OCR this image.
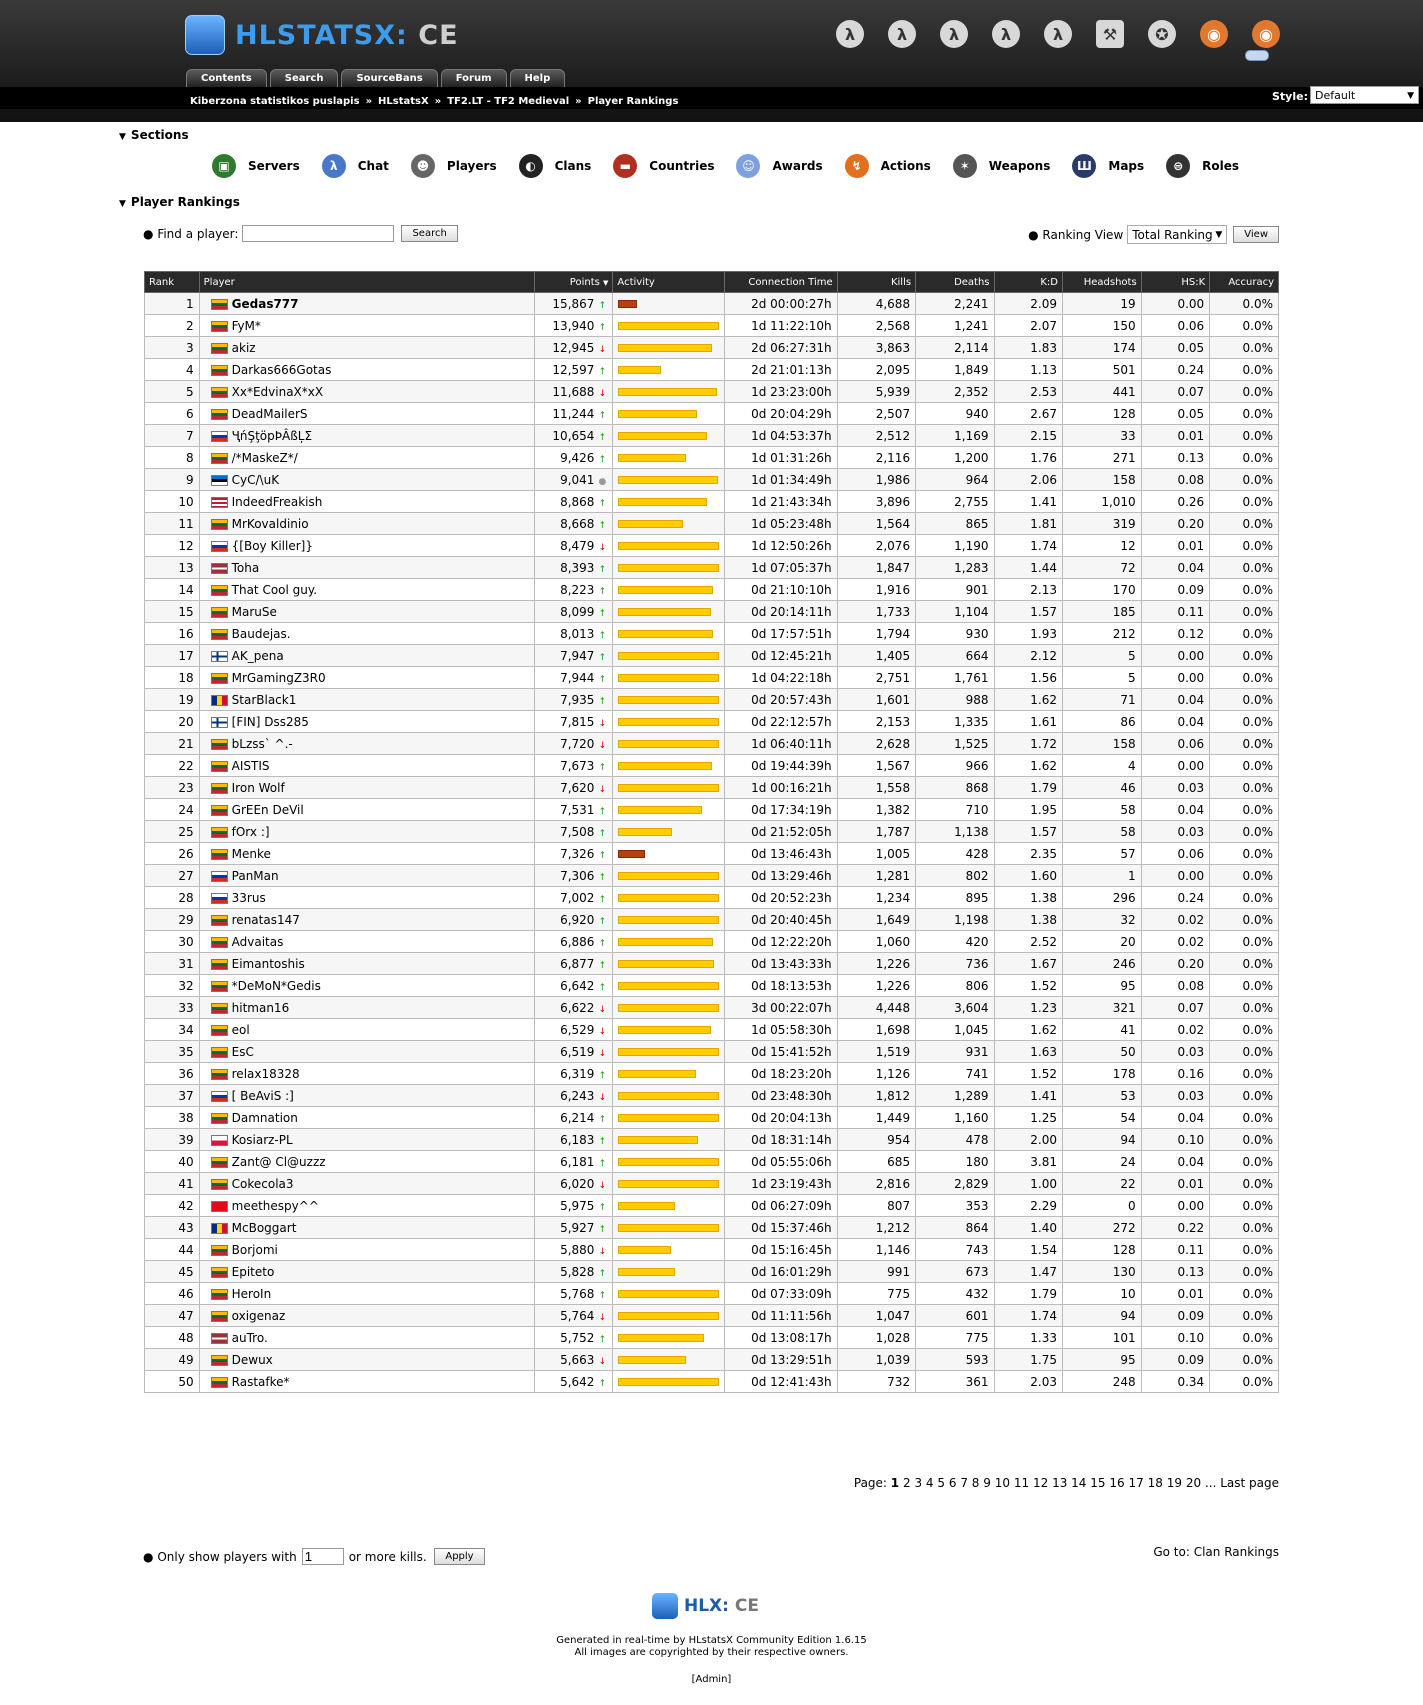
HLSTATSX: CE	λ	λ	λ	λ	λ	⚒	✪	◉	◉
Contents	Search	SourceBans	Forum	Help
Kiberzona statistikos puslapis » HLstatsX » TF2.LT - TF2 Medieval » Player Rankings	Style: Default	▼
▼ Sections
▣	Servers	λ	Chat	☻	Players	◐	Clans	▬	Countries	☺	Awards	↯	Actions	✶	Weapons	Ш	Maps	⊜	Roles
▼ Player Rankings
●
Find a player:	Search	●
Ranking View Total Ranking ▼	View
Rank	Player	Points ▼	Activity	Connection Time	Kills	Deaths	K:D	Headshots	HS:K	Accuracy
1	Gedas777	15,867 ↑		2d 00:00:27h	4,688	2,241	2.09	19	0.00	0.0%
2	FyM*	13,940 ↑		1d 11:22:10h	2,568	1,241	2.07	150	0.06	0.0%
3	akiz	12,945 ↓		2d 06:27:31h	3,863	2,114	1.83	174	0.05	0.0%
4	Darkas666Gotas	12,597 ↑		2d 21:01:13h	2,095	1,849	1.13	501	0.24	0.0%
5	Xx*EdvinaX*xX	11,688 ↓		1d 23:23:00h	5,939	2,352	2.53	441	0.07	0.0%
6	DeadMailerS	11,244 ↑		0d 20:04:29h	2,507	940	2.67	128	0.05	0.0%
7	ҶńŞţöpÞÂßĻΣ	10,654 ↑		1d 04:53:37h	2,512	1,169	2.15	33	0.01	0.0%
8	/*MaskeZ*/	9,426 ↑		1d 01:31:26h	2,116	1,200	1.76	271	0.13	0.0%
9	CyC/\uK	9,041 ●		1d 01:34:49h	1,986	964	2.06	158	0.08	0.0%
10	IndeedFreakish	8,868 ↑		1d 21:43:34h	3,896	2,755	1.41	1,010	0.26	0.0%
11	MrKovaldinio	8,668 ↑		1d 05:23:48h	1,564	865	1.81	319	0.20	0.0%
12	{[Boy Killer]}	8,479 ↓		1d 12:50:26h	2,076	1,190	1.74	12	0.01	0.0%
13	Toha	8,393 ↑		1d 07:05:37h	1,847	1,283	1.44	72	0.04	0.0%
14	That Cool guy.	8,223 ↑		0d 21:10:10h	1,916	901	2.13	170	0.09	0.0%
15	MaruSe	8,099 ↑		0d 20:14:11h	1,733	1,104	1.57	185	0.11	0.0%
16	Baudejas.	8,013 ↑		0d 17:57:51h	1,794	930	1.93	212	0.12	0.0%
17	AK_pena	7,947 ↑		0d 12:45:21h	1,405	664	2.12	5	0.00	0.0%
18	MrGamingZ3R0	7,944 ↑		1d 04:22:18h	2,751	1,761	1.56	5	0.00	0.0%
19	StarBlack1	7,935 ↑		0d 20:57:43h	1,601	988	1.62	71	0.04	0.0%
20	[FIN] Dss285	7,815 ↓		0d 22:12:57h	2,153	1,335	1.61	86	0.04	0.0%
21	bLzss` ^.-	7,720 ↓		1d 06:40:11h	2,628	1,525	1.72	158	0.06	0.0%
22	AISTIS	7,673 ↑		0d 19:44:39h	1,567	966	1.62	4	0.00	0.0%
23	Iron Wolf	7,620 ↓		1d 00:16:21h	1,558	868	1.79	46	0.03	0.0%
24	GrEEn DeVil	7,531 ↑		0d 17:34:19h	1,382	710	1.95	58	0.04	0.0%
25	fOrx :]	7,508 ↑		0d 21:52:05h	1,787	1,138	1.57	58	0.03	0.0%
26	Menke	7,326 ↑		0d 13:46:43h	1,005	428	2.35	57	0.06	0.0%
27	PanMan	7,306 ↑		0d 13:29:46h	1,281	802	1.60	1	0.00	0.0%
28	33rus	7,002 ↑		0d 20:52:23h	1,234	895	1.38	296	0.24	0.0%
29	renatas147	6,920 ↑		0d 20:40:45h	1,649	1,198	1.38	32	0.02	0.0%
30	Advaitas	6,886 ↑		0d 12:22:20h	1,060	420	2.52	20	0.02	0.0%
31	Eimantoshis	6,877 ↑		0d 13:43:33h	1,226	736	1.67	246	0.20	0.0%
32	*DeMoN*Gedis	6,642 ↑		0d 18:13:53h	1,226	806	1.52	95	0.08	0.0%
33	hitman16	6,622 ↓		3d 00:22:07h	4,448	3,604	1.23	321	0.07	0.0%
34	eol	6,529 ↓		1d 05:58:30h	1,698	1,045	1.62	41	0.02	0.0%
35	EsC	6,519 ↓		0d 15:41:52h	1,519	931	1.63	50	0.03	0.0%
36	relax18328	6,319 ↑		0d 18:23:20h	1,126	741	1.52	178	0.16	0.0%
37	[ BeAviS :]	6,243 ↓		0d 23:48:30h	1,812	1,289	1.41	53	0.03	0.0%
38	Damnation	6,214 ↑		0d 20:04:13h	1,449	1,160	1.25	54	0.04	0.0%
39	Kosiarz-PL	6,183 ↑		0d 18:31:14h	954	478	2.00	94	0.10	0.0%
40	Zant@ Cl@uzzz	6,181 ↑		0d 05:55:06h	685	180	3.81	24	0.04	0.0%
41	Cokecola3	6,020 ↓		1d 23:19:43h	2,816	2,829	1.00	22	0.01	0.0%
42	meethespy^^	5,975 ↑		0d 06:27:09h	807	353	2.29	0	0.00	0.0%
43	McBoggart	5,927 ↑		0d 15:37:46h	1,212	864	1.40	272	0.22	0.0%
44	Borjomi	5,880 ↓		0d 15:16:45h	1,146	743	1.54	128	0.11	0.0%
45	Epiteto	5,828 ↑		0d 16:01:29h	991	673	1.47	130	0.13	0.0%
46	HeroIn	5,768 ↑		0d 07:33:09h	775	432	1.79	10	0.01	0.0%
47	oxigenaz	5,764 ↓		0d 11:11:56h	1,047	601	1.74	94	0.09	0.0%
48	auTro.	5,752 ↑		0d 13:08:17h	1,028	775	1.33	101	0.10	0.0%
49	Dewux	5,663 ↓		0d 13:29:51h	1,039	593	1.75	95	0.09	0.0%
50	Rastafke*	5,642 ↑		0d 12:41:43h	732	361	2.03	248	0.34	0.0%
Page: 1 2 3 4 5 6 7 8 9 10 11 12 13 14 15 16 17 18 19 20 ... Last page
●
Only show players with
1	or more kills.
	Apply	Go to: Clan Rankings
HLX: CE
Generated in real-time by HLstatsX Community Edition 1.6.15
All images are copyrighted by their respective owners.
[Admin]
